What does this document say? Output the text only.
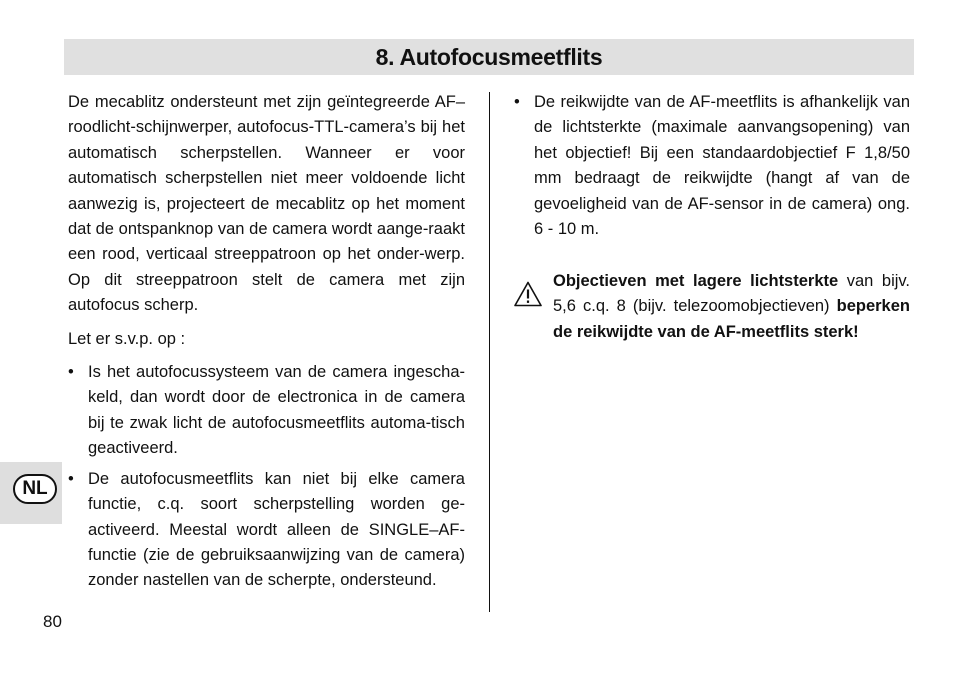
8. Autofocusmeetflits
NL

De mecablitz ondersteunt met zijn geïntegreerde AF–roodlicht-schijnwerper, autofocus-TTL-camera’s bij het automatisch scherpstellen. Wanneer er voor automatisch scherpstellen niet meer voldoende licht aanwezig is, projecteert de mecablitz op het moment dat de ontspanknop van de camera wordt aange-raakt een rood, verticaal streeppatroon op het onder-werp. Op dit streeppatroon stelt de camera met zijn autofocus scherp.

Let er s.v.p. op :

• Is het autofocussysteem van de camera ingescha-keld, dan wordt door de electronica in de camera bij te zwak licht de autofocusmeetflits automa-tisch geactiveerd.

• De autofocusmeetflits kan niet bij elke camera functie, c.q. soort scherpstelling worden ge-activeerd. Meestal wordt alleen de SINGLE–AF-functie (zie de gebruiksaanwijzing van de camera) zonder nastellen van de scherpte, ondersteund.

• De reikwijdte van de AF-meetflits is afhankelijk van de lichtsterkte (maximale aanvangsopening) van het objectief! Bij een standaardobjectief F 1,8/50 mm bedraagt de reikwijdte (hangt af van de gevoeligheid van de AF-sensor in de camera) ong. 6 - 10 m.

Objectieven met lagere lichtsterkte van bijv. 5,6 c.q. 8 (bijv. telezoomobjectieven) beperken de reikwijdte van de AF-meetflits sterk!

80
